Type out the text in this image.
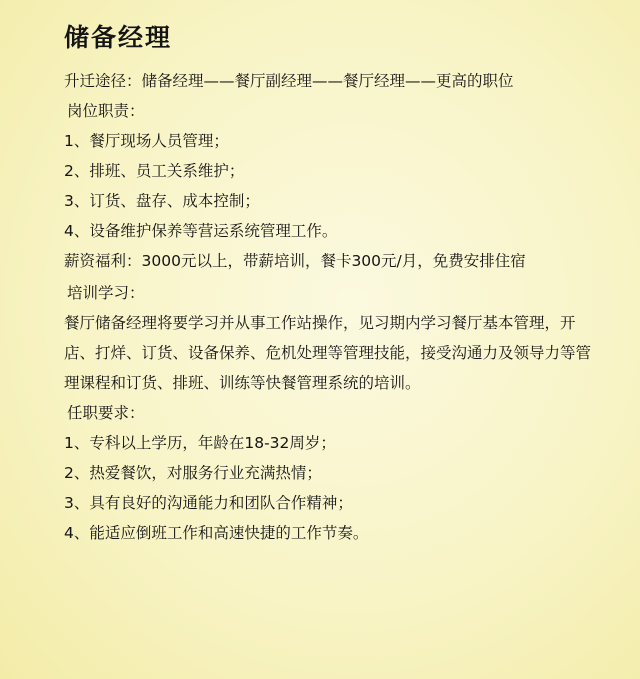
储备经理

升迁途径：储备经理——餐厅副经理——餐厅经理——更高的职位

岗位职责：

1、餐厅现场人员管理；

2、排班、员工关系维护；

3、订货、盘存、成本控制；

4、设备维护保养等营运系统管理工作。

薪资福利：3000元以上，带薪培训，餐卡300元/月，免费安排住宿

培训学习：

餐厅储备经理将要学习并从事工作站操作，见习期内学习餐厅基本管理，开店、打烊、订货、设备保养、危机处理等管理技能，接受沟通力及领导力等管理课程和订货、排班、训练等快餐管理系统的培训。

任职要求：

1、专科以上学历，年龄在18-32周岁；

2、热爱餐饮，对服务行业充满热情；

3、具有良好的沟通能力和团队合作精神；

4、能适应倒班工作和高速快捷的工作节奏。
